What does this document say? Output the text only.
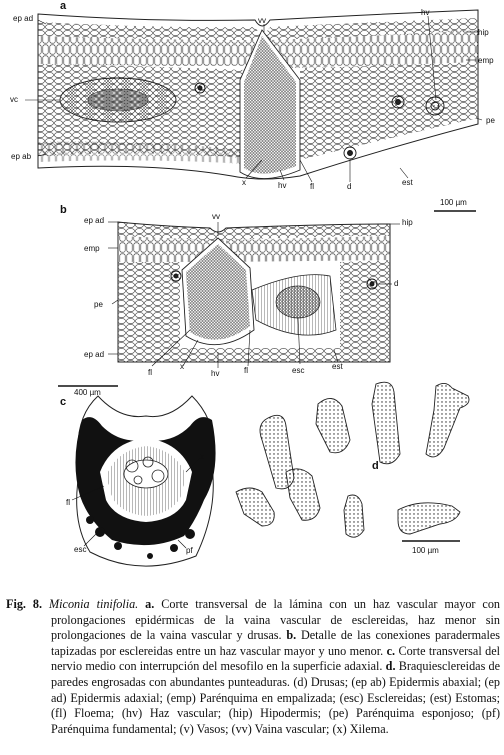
a
b
c
d
ep ad	vv
hv
hip
emp
vc
pe
ep ab
x	hv	fl	d	est
100 µm
ep ad	vv
hip
emp
pe
d
ep ad
fl
x
hv	fl	esc	est
400 µm
x
fl
esc	pf	100 µm
Fig. 8. Miconia tinifolia. a. Corte transversal de la lámina con un haz vascular mayor con prolongaciones epidérmicas de la vaina vascular de esclereidas, haz menor sin prolongaciones de la vaina vascular y drusas. b. Detalle de las conexiones paradermales tapizadas por esclereidas entre un haz vascular mayor y uno menor. c. Corte transversal del nervio medio con interrupción del mesofilo en la superficie adaxial. d. Braquiesclereidas de paredes engrosadas con abundantes punteaduras. (d) Drusas; (ep ab) Epidermis abaxial; (ep ad) Epidermis adaxial; (emp) Parénquima en empalizada; (esc) Esclereidas; (est) Estomas; (fl) Floema; (hv) Haz vascular; (hip) Hipodermis; (pe) Parénquima esponjoso; (pf) Parénquima fundamental; (v) Vasos; (vv) Vaina vascular; (x) Xilema.
